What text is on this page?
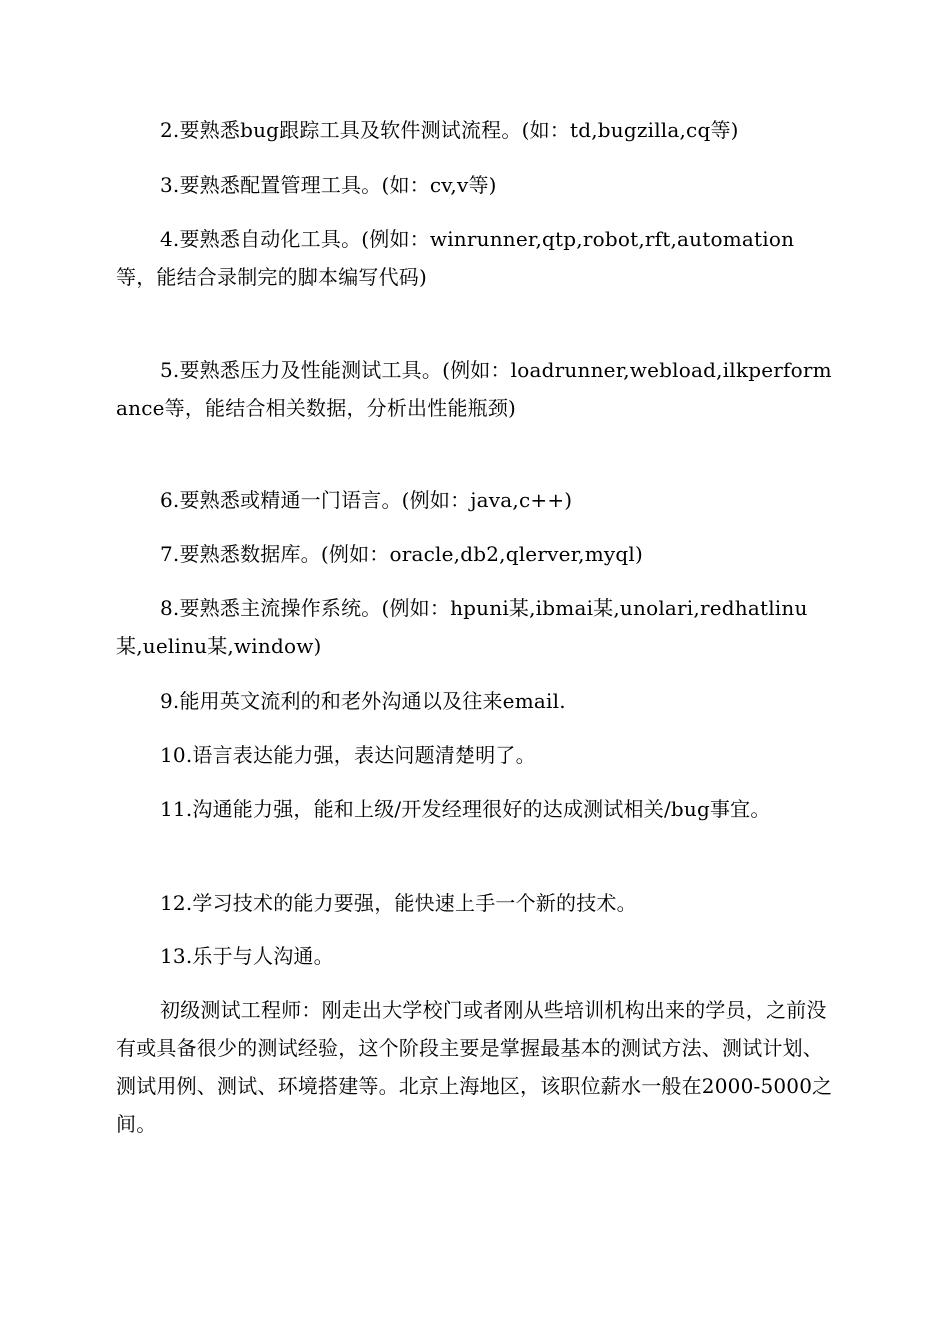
2.要熟悉bug跟踪工具及软件测试流程。(如：td,bugzilla,cq等)

3.要熟悉配置管理工具。(如：cv,v等)

4.要熟悉自动化工具。(例如：winrunner,qtp,robot,rft,automation等，能结合录制完的脚本编写代码)

5.要熟悉压力及性能测试工具。(例如：loadrunner,webload,ilkperformance等，能结合相关数据，分析出性能瓶颈)

6.要熟悉或精通一门语言。(例如：java,c++)

7.要熟悉数据库。(例如：oracle,db2,qlerver,myql)

8.要熟悉主流操作系统。(例如：hpuni某,ibmai某,unolari,redhatlinu某,uelinu某,window)

9.能用英文流利的和老外沟通以及往来email.

10.语言表达能力强，表达问题清楚明了。

11.沟通能力强，能和上级/开发经理很好的达成测试相关/bug事宜。

12.学习技术的能力要强，能快速上手一个新的技术。

13.乐于与人沟通。

初级测试工程师：刚走出大学校门或者刚从些培训机构出来的学员，之前没有或具备很少的测试经验，这个阶段主要是掌握最基本的测试方法、测试计划、测试用例、测试、环境搭建等。北京上海地区，该职位薪水一般在2000-5000之间。
